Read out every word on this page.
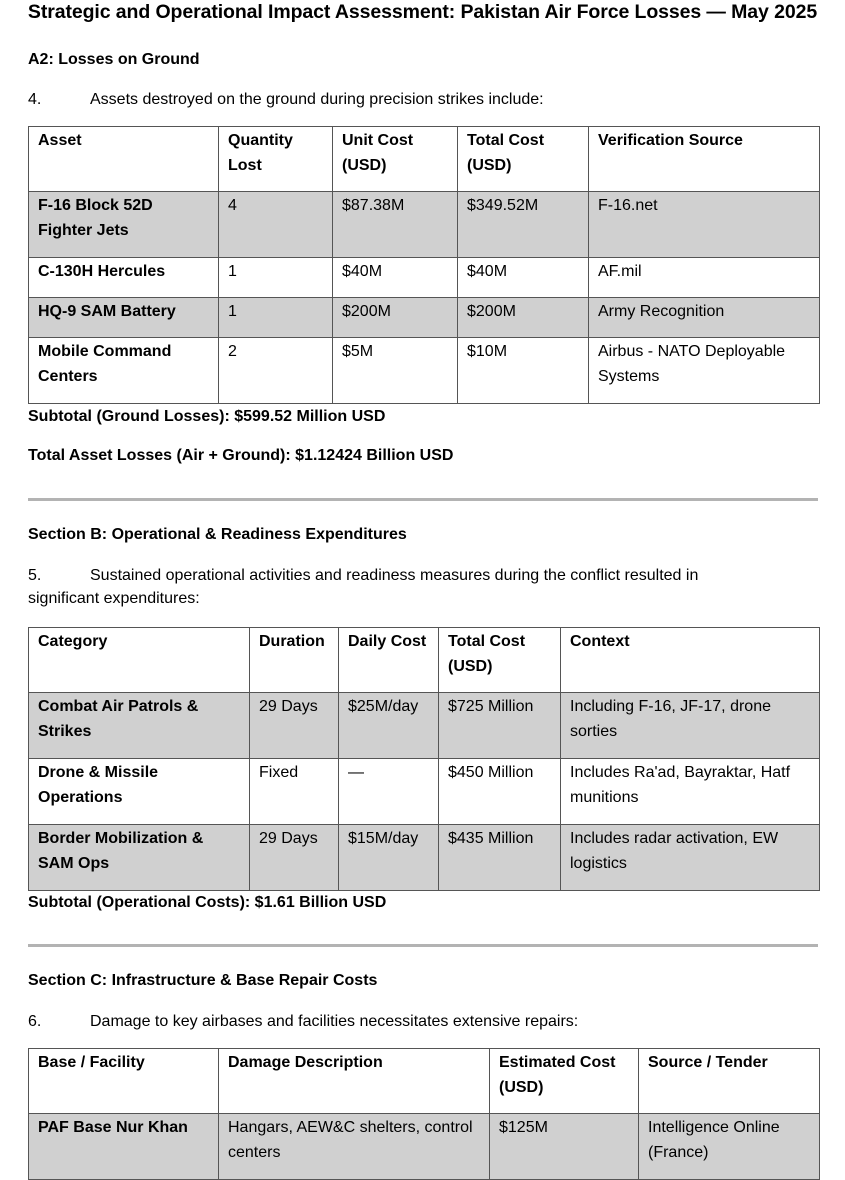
Strategic and Operational Impact Assessment: Pakistan Air Force Losses — May 2025
A2: Losses on Ground
4.	Assets destroyed on the ground during precision strikes include:
Asset	Quantity Lost	Unit Cost (USD)	Total Cost (USD)	Verification Source
F-16 Block 52D Fighter Jets	4	$87.38M	$349.52M	F-16.net
C-130H Hercules	1	$40M	$40M	AF.mil
HQ-9 SAM Battery	1	$200M	$200M	Army Recognition
Mobile Command Centers	2	$5M	$10M	Airbus - NATO Deployable Systems
Subtotal (Ground Losses): $599.52 Million USD
Total Asset Losses (Air + Ground): $1.12424 Billion USD
Section B: Operational & Readiness Expenditures
5.	Sustained operational activities and readiness measures during the conflict resulted in
significant expenditures:
Category	Duration	Daily Cost	Total Cost (USD)	Context
Combat Air Patrols & Strikes	29 Days	$25M/day	$725 Million	Including F-16, JF-17, drone sorties
Drone & Missile Operations	Fixed	—	$450 Million	Includes Ra'ad, Bayraktar, Hatf munitions
Border Mobilization & SAM Ops	29 Days	$15M/day	$435 Million	Includes radar activation, EW logistics
Subtotal (Operational Costs): $1.61 Billion USD
Section C: Infrastructure & Base Repair Costs
6.	Damage to key airbases and facilities necessitates extensive repairs:
Base / Facility	Damage Description	Estimated Cost (USD)	Source / Tender
PAF Base Nur Khan	Hangars, AEW&C shelters, control centers	$125M	Intelligence Online (France)
